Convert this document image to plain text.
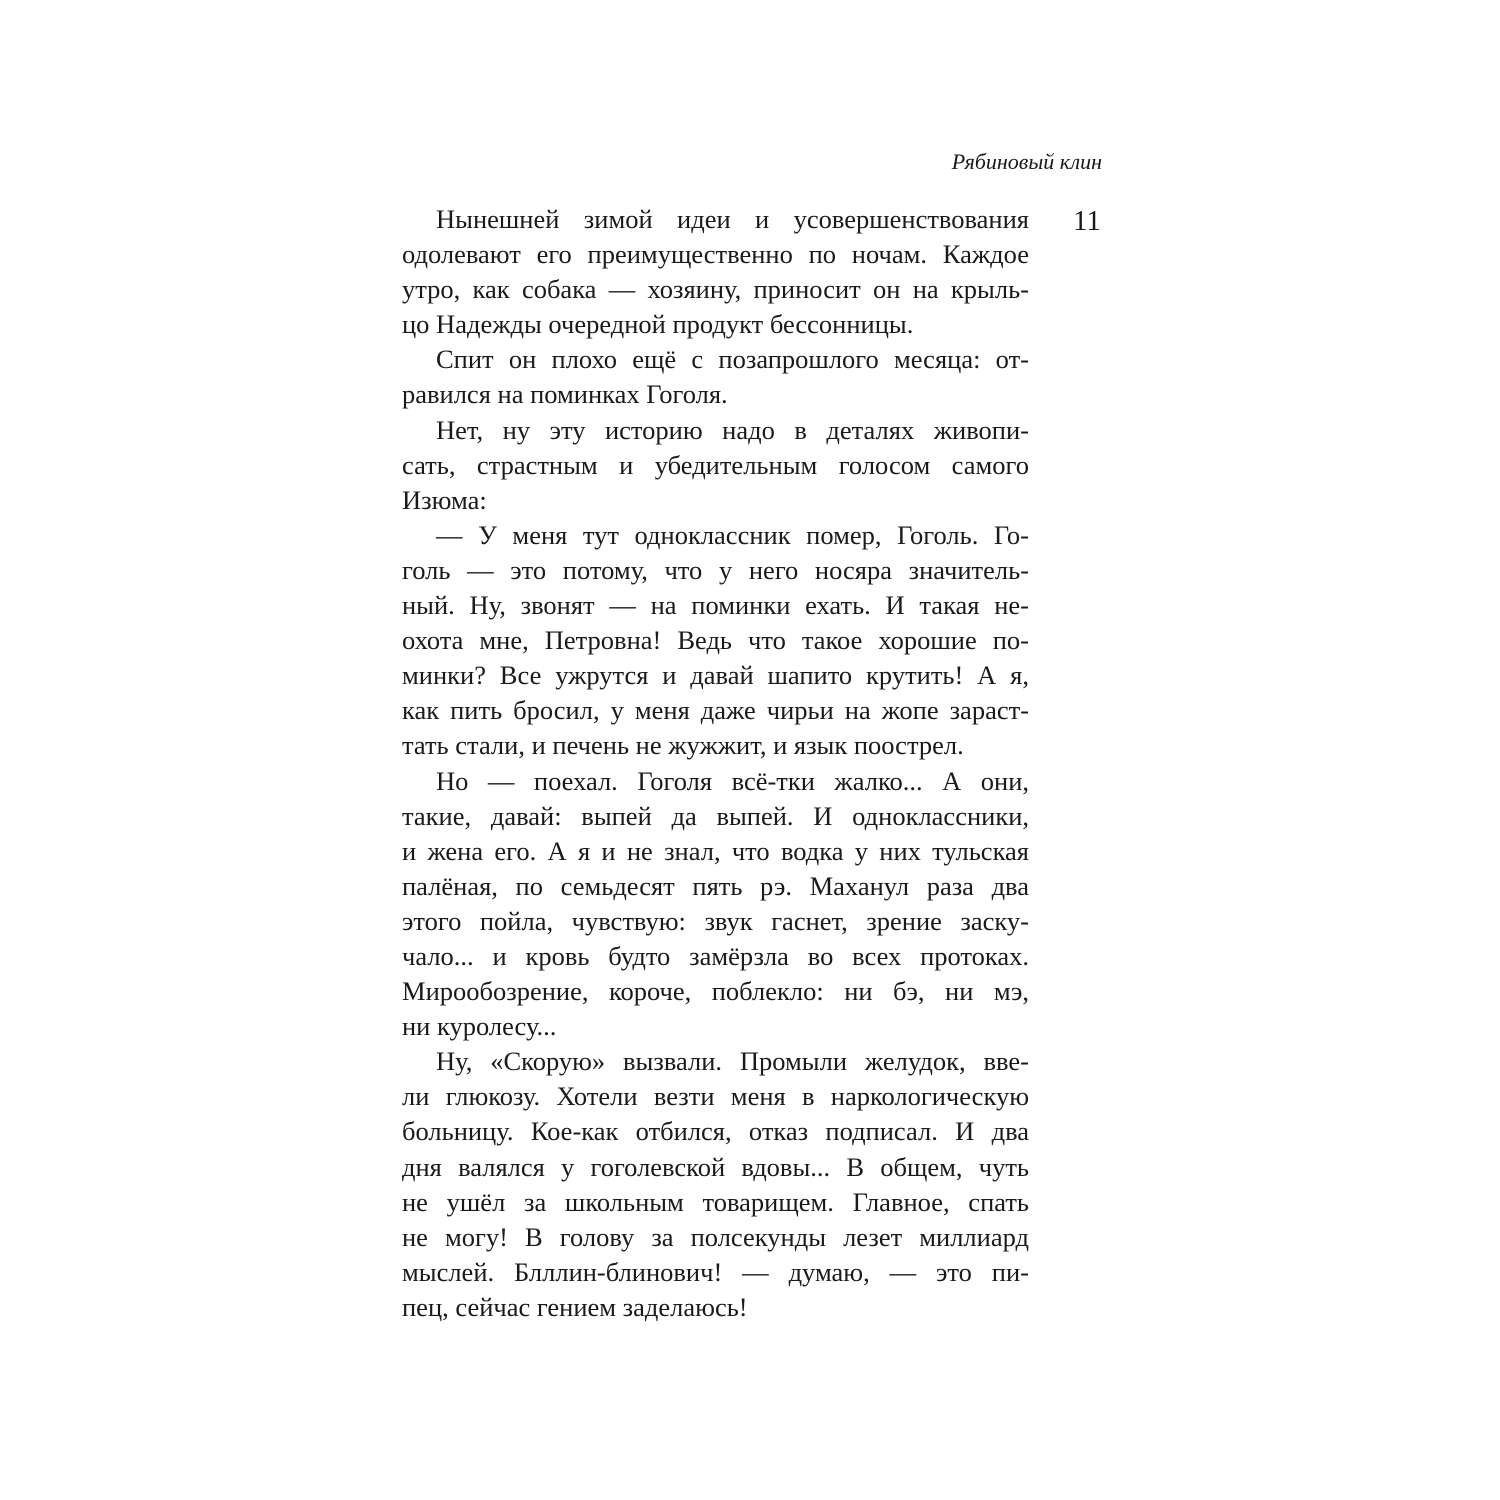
Рябиновый клин
11
Нынешней зимой идеи и усовершенствования
одолевают его преимущественно по ночам. Каждое
утро, как собака — хозяину, приносит он на крыль-
цо Надежды очередной продукт бессонницы.
Спит он плохо ещё с позапрошлого месяца: от-
равился на поминках Гоголя.
Нет, ну эту историю надо в деталях живопи-
сать, страстным и убедительным голосом самого
Изюма:
— У меня тут одноклассник помер, Гоголь. Го-
голь — это потому, что у него носяра значитель-
ный. Ну, звонят — на поминки ехать. И такая не-
охота мне, Петровна! Ведь что такое хорошие по-
минки? Все ужрутся и давай шапито крутить! А я,
как пить бросил, у меня даже чирьи на жопе зараст-
тать стали, и печень не жужжит, и язык поострел.
Но — поехал. Гоголя всё-тки жалко... А они,
такие, давай: выпей да выпей. И одноклассники,
и жена его. А я и не знал, что водка у них тульская
палёная, по семьдесят пять рэ. Маханул раза два
этого пойла, чувствую: звук гаснет, зрение заску-
чало... и кровь будто замёрзла во всех протоках.
Мирообозрение, короче, поблекло: ни бэ, ни мэ,
ни куролесу...
Ну, «Скорую» вызвали. Промыли желудок, вве-
ли глюкозу. Хотели везти меня в наркологическую
больницу. Кое-как отбился, отказ подписал. И два
дня валялся у гоголевской вдовы... В общем, чуть
не ушёл за школьным товарищем. Главное, спать
не могу! В голову за полсекунды лезет миллиард
мыслей. Блллин-блинович! — думаю, — это пи-
пец, сейчас гением заделаюсь!
